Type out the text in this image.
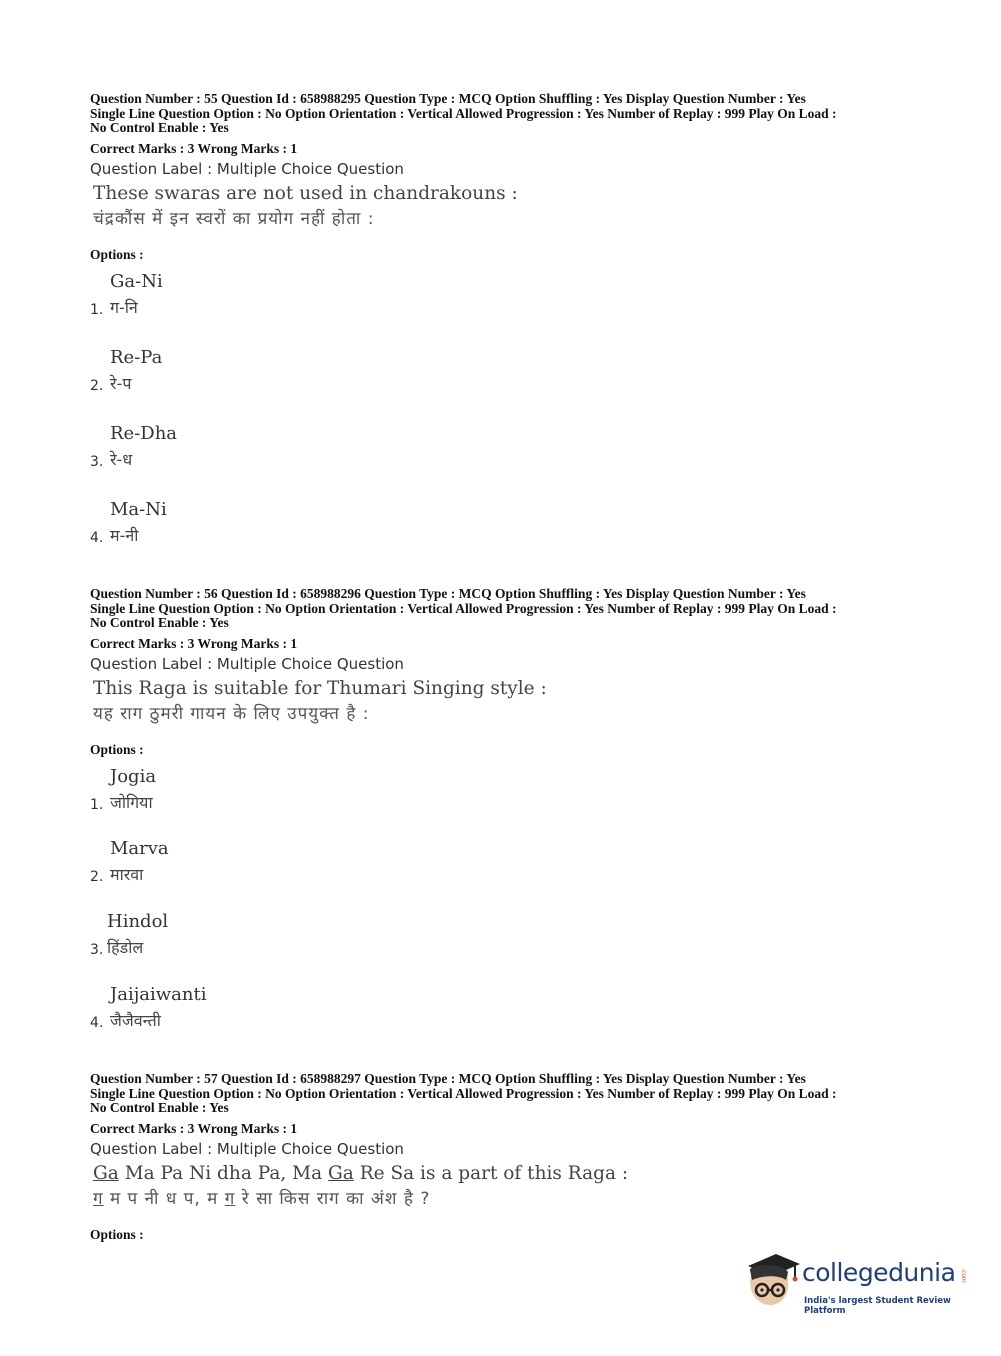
Question Number : 55 Question Id : 658988295 Question Type : MCQ Option Shuffling : Yes Display Question Number : Yes
Single Line Question Option : No Option Orientation : Vertical Allowed Progression : Yes Number of Replay : 999 Play On Load :
No Control Enable : Yes
Correct Marks : 3 Wrong Marks : 1
Question Label : Multiple Choice Question
These swaras are not used in chandrakouns :
चंद्रकौंस में इन स्वरों का प्रयोग नहीं होता :
Options :
Ga-Ni
1. ग-नि
Re-Pa
2. रे-प
Re-Dha
3. रे-ध
Ma-Ni
4. म-नी
Question Number : 56 Question Id : 658988296 Question Type : MCQ Option Shuffling : Yes Display Question Number : Yes
Single Line Question Option : No Option Orientation : Vertical Allowed Progression : Yes Number of Replay : 999 Play On Load :
No Control Enable : Yes
Correct Marks : 3 Wrong Marks : 1
Question Label : Multiple Choice Question
This Raga is suitable for Thumari Singing style :
यह राग ठुमरी गायन के लिए उपयुक्त है :
Options :
Jogia
1. जोगिया
Marva
2. मारवा
Hindol
3. हिंडोल
Jaijaiwanti
4. जैजैवन्ती
Question Number : 57 Question Id : 658988297 Question Type : MCQ Option Shuffling : Yes Display Question Number : Yes
Single Line Question Option : No Option Orientation : Vertical Allowed Progression : Yes Number of Replay : 999 Play On Load :
No Control Enable : Yes
Correct Marks : 3 Wrong Marks : 1
Question Label : Multiple Choice Question
Ga Ma Pa Ni dha Pa, Ma Ga Re Sa is a part of this Raga :
ग म प नी ध प, म ग रे सा किस राग का अंश है ?
Options :
collegedunia .com
India's largest Student Review Platform
